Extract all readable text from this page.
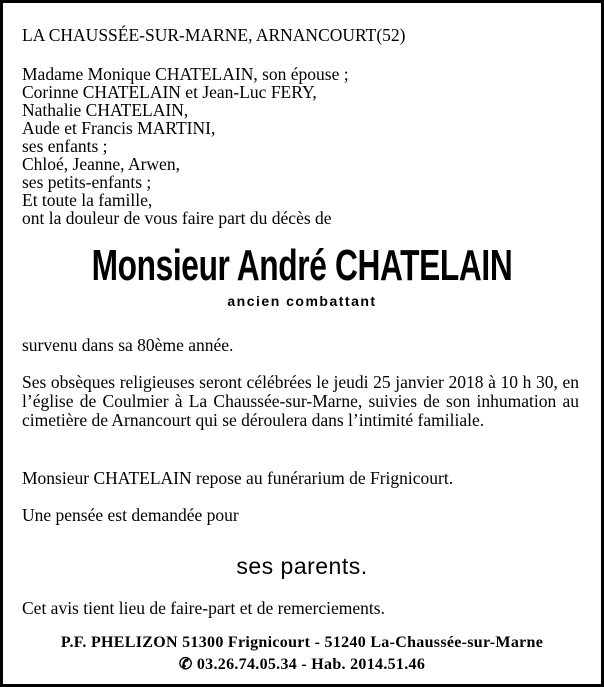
LA CHAUSSÉE-SUR-MARNE, ARNANCOURT(52)

Madame Monique CHATELAIN, son épouse ;
Corinne CHATELAIN et Jean-Luc FERY,
Nathalie CHATELAIN,
Aude et Francis MARTINI,
ses enfants ;
Chloé, Jeanne, Arwen,
ses petits-enfants ;
Et toute la famille,
ont la douleur de vous faire part du décès de
Monsieur André CHATELAIN
ancien combattant

survenu dans sa 80ème année.

Ses obsèques religieuses seront célébrées le jeudi 25 janvier 2018 à 10 h 30, en l’église de Coulmier à La Chaussée-sur-Marne, suivies de son inhumation au cimetière de Arnancourt qui se déroulera dans l’intimité familiale.

Monsieur CHATELAIN repose au funérarium de Frignicourt.

Une pensée est demandée pour

ses parents.

Cet avis tient lieu de faire-part et de remerciements.

P.F. PHELIZON 51300 Frignicourt - 51240 La-Chaussée-sur-Marne
✆ 03.26.74.05.34 - Hab. 2014.51.46
